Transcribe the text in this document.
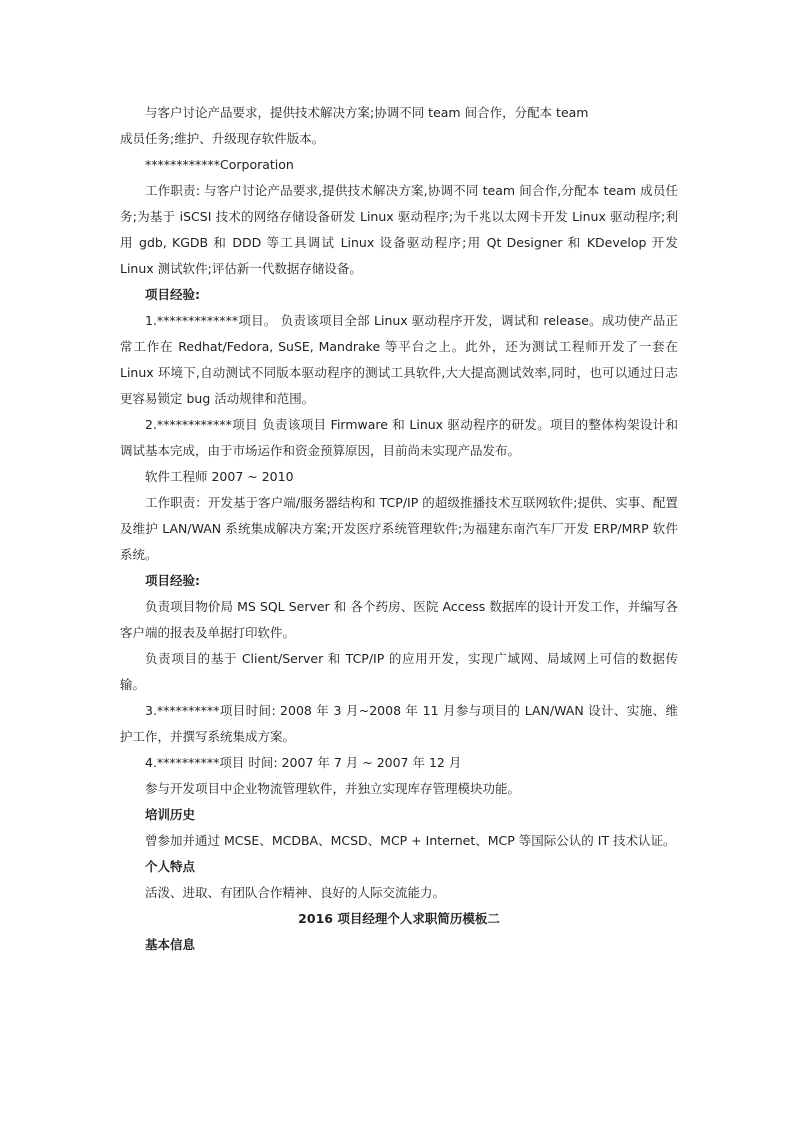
与客户讨论产品要求，提供技术解决方案;协调不同 team 间合作，分配本 team

成员任务;维护、升级现存软件版本。

************Corporation

工作职责: 与客户讨论产品要求,提供技术解决方案,协调不同 team 间合作,分配本 team 成员任务;为基于 iSCSI 技术的网络存储设备研发 Linux 驱动程序;为千兆以太网卡开发 Linux 驱动程序;利用 gdb, KGDB 和 DDD 等工具调试 Linux 设备驱动程序;用 Qt Designer 和 KDevelop 开发 Linux 测试软件;评估新一代数据存储设备。

项目经验:

1.*************项目。 负责该项目全部 Linux 驱动程序开发，调试和 release。成功使产品正常工作在 Redhat/Fedora, SuSE, Mandrake 等平台之上。此外，还为测试工程师开发了一套在 Linux 环境下,自动测试不同版本驱动程序的测试工具软件,大大提高测试效率,同时，也可以通过日志更容易锁定 bug 活动规律和范围。

2.************项目 负责该项目 Firmware 和 Linux 驱动程序的研发。项目的整体构架设计和调试基本完成，由于市场运作和资金预算原因，目前尚未实现产品发布。

软件工程师 2007 ~ 2010

工作职责：开发基于客户端/服务器结构和 TCP/IP 的超级推播技术互联网软件;提供、实事、配置及维护 LAN/WAN 系统集成解决方案;开发医疗系统管理软件;为福建东南汽车厂开发 ERP/MRP 软件系统。

项目经验:

负责项目物价局 MS SQL Server 和 各个药房、医院 Access 数据库的设计开发工作，并编写各客户端的报表及单据打印软件。

负责项目的基于 Client/Server 和 TCP/IP 的应用开发，实现广域网、局域网上可信的数据传输。

3.**********项目时间: 2008 年 3 月~2008 年 11 月参与项目的 LAN/WAN 设计、实施、维护工作，并撰写系统集成方案。

4.**********项目 时间: 2007 年 7 月 ~ 2007 年 12 月

参与开发项目中企业物流管理软件，并独立实现库存管理模块功能。

培训历史

曾参加并通过 MCSE、MCDBA、MCSD、MCP + Internet、MCP 等国际公认的 IT 技术认证。

个人特点

活泼、进取、有团队合作精神、良好的人际交流能力。

2016 项目经理个人求职简历模板二

基本信息
